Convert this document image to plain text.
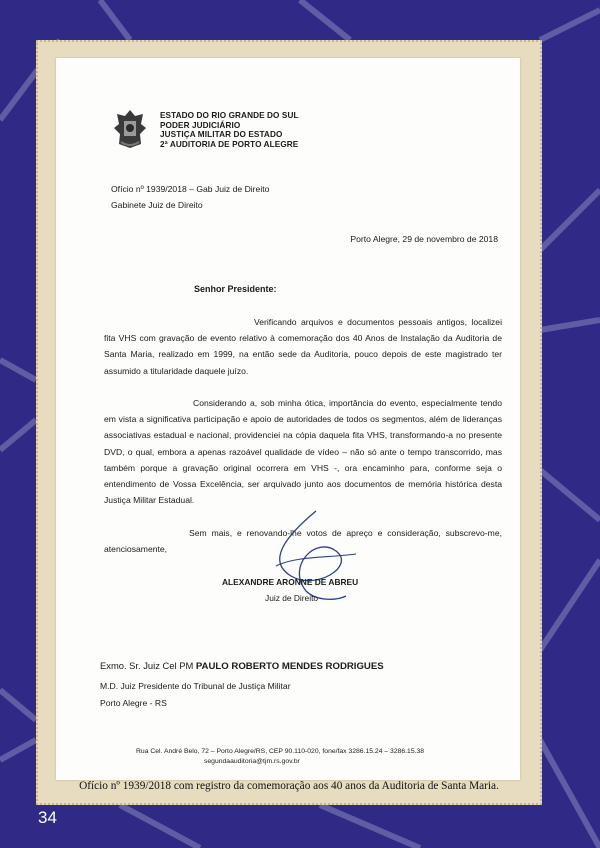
ESTADO DO RIO GRANDE DO SUL
PODER JUDICIÁRIO
JUSTIÇA MILITAR DO ESTADO
2ª AUDITORIA DE PORTO ALEGRE
Ofício nº 1939/2018 – Gab Juiz de Direito
Gabinete Juiz de Direito
Porto Alegre, 29 de novembro de 2018
Senhor Presidente:
Verificando arquivos e documentos pessoais antigos, localizei fita VHS com gravação de evento relativo à comemoração dos 40 Anos de Instalação da Auditoria de Santa Maria, realizado em 1999, na então sede da Auditoria, pouco depois de este magistrado ter assumido a titularidade daquele juízo.
Considerando a, sob minha ótica, importância do evento, especialmente tendo em vista a significativa participação e apoio de autoridades de todos os segmentos, além de lideranças associativas estadual e nacional, providenciei na cópia daquela fita VHS, transformando-a no presente DVD, o qual, embora a apenas razoável qualidade de vídeo – não só ante o tempo transcorrido, mas também porque a gravação original ocorrera em VHS -, ora encaminho para, conforme seja o entendimento de Vossa Excelência, ser arquivado junto aos documentos de memória histórica desta Justiça Militar Estadual.
Sem mais, e renovando-lhe votos de apreço e consideração, subscrevo-me, atenciosamente,
ALEXANDRE ARONNE DE ABREU
Juiz de Direito
Exmo. Sr. Juiz Cel PM PAULO ROBERTO MENDES RODRIGUES
M.D. Juiz Presidente do Tribunal de Justiça Militar
Porto Alegre - RS
Rua Cel. André Belo, 72 – Porto Alegre/RS, CEP 90.110-020, fone/fax 3286.15.24 – 3286.15.38
segundaauditoria@tjm.rs.gov.br
Ofício nº 1939/2018 com registro da comemoração aos 40 anos da Auditoria de Santa Maria.
34
